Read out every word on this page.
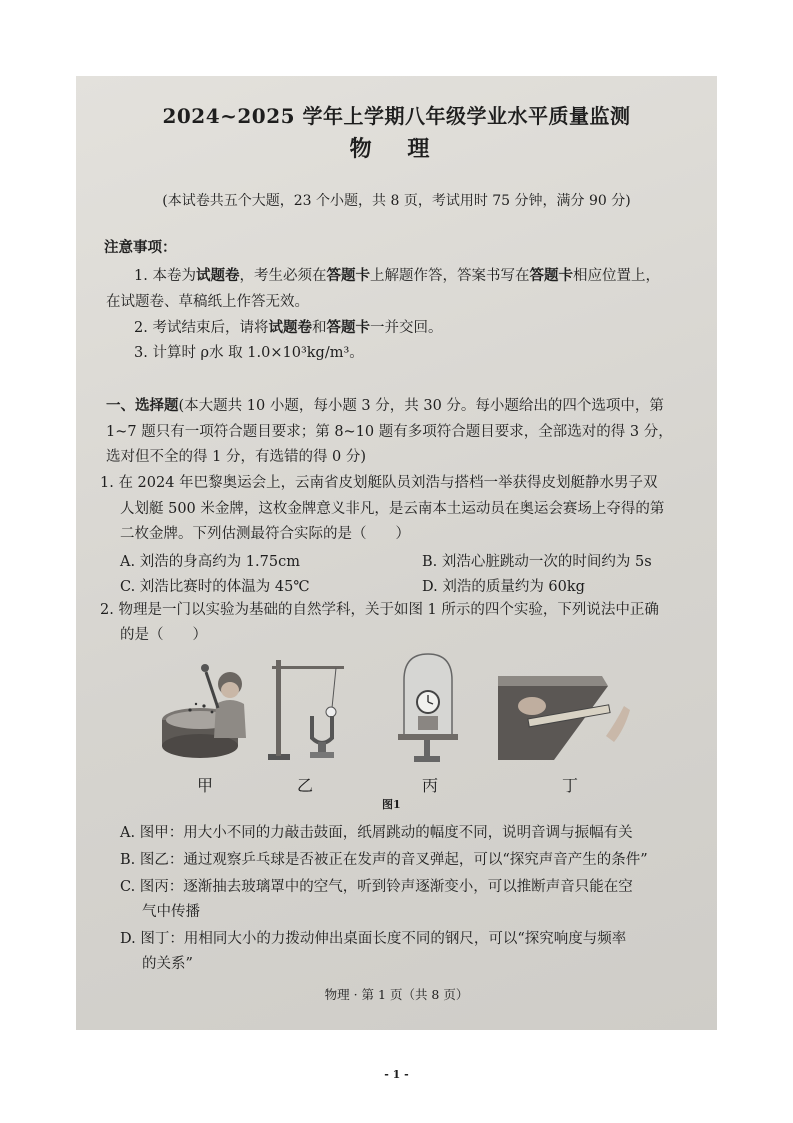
2024~2025 学年上学期八年级学业水平质量监测
物 理
(本试卷共五个大题，23 个小题，共 8 页，考试用时 75 分钟，满分 90 分)
注意事项：
1. 本卷为试题卷，考生必须在答题卡上解题作答，答案书写在答题卡相应位置上，
在试题卷、草稿纸上作答无效。
2. 考试结束后，请将试题卷和答题卡一并交回。
3. 计算时 ρ水 取 1.0×10³kg/m³。
一、选择题(本大题共 10 小题，每小题 3 分，共 30 分。每小题给出的四个选项中，第
1~7 题只有一项符合题目要求；第 8~10 题有多项符合题目要求，全部选对的得 3 分，
选对但不全的得 1 分，有选错的得 0 分)
1. 在 2024 年巴黎奥运会上，云南省皮划艇队员刘浩与搭档一举获得皮划艇静水男子双
人划艇 500 米金牌，这枚金牌意义非凡，是云南本土运动员在奥运会赛场上夺得的第
二枚金牌。下列估测最符合实际的是（　　）
A. 刘浩的身高约为 1.75cm	B. 刘浩心脏跳动一次的时间约为 5s
C. 刘浩比赛时的体温为 45℃	D. 刘浩的质量约为 60kg
2. 物理是一门以实验为基础的自然学科，关于如图 1 所示的四个实验，下列说法中正确
的是（　　）
甲	乙	丙	丁
图1
A. 图甲：用大小不同的力敲击鼓面，纸屑跳动的幅度不同，说明音调与振幅有关
B. 图乙：通过观察乒乓球是否被正在发声的音叉弹起，可以“探究声音产生的条件”
C. 图丙：逐渐抽去玻璃罩中的空气，听到铃声逐渐变小，可以推断声音只能在空
气中传播
D. 图丁：用相同大小的力拨动伸出桌面长度不同的钢尺，可以“探究响度与频率
的关系”
物理 · 第 1 页（共 8 页）
- 1 -
